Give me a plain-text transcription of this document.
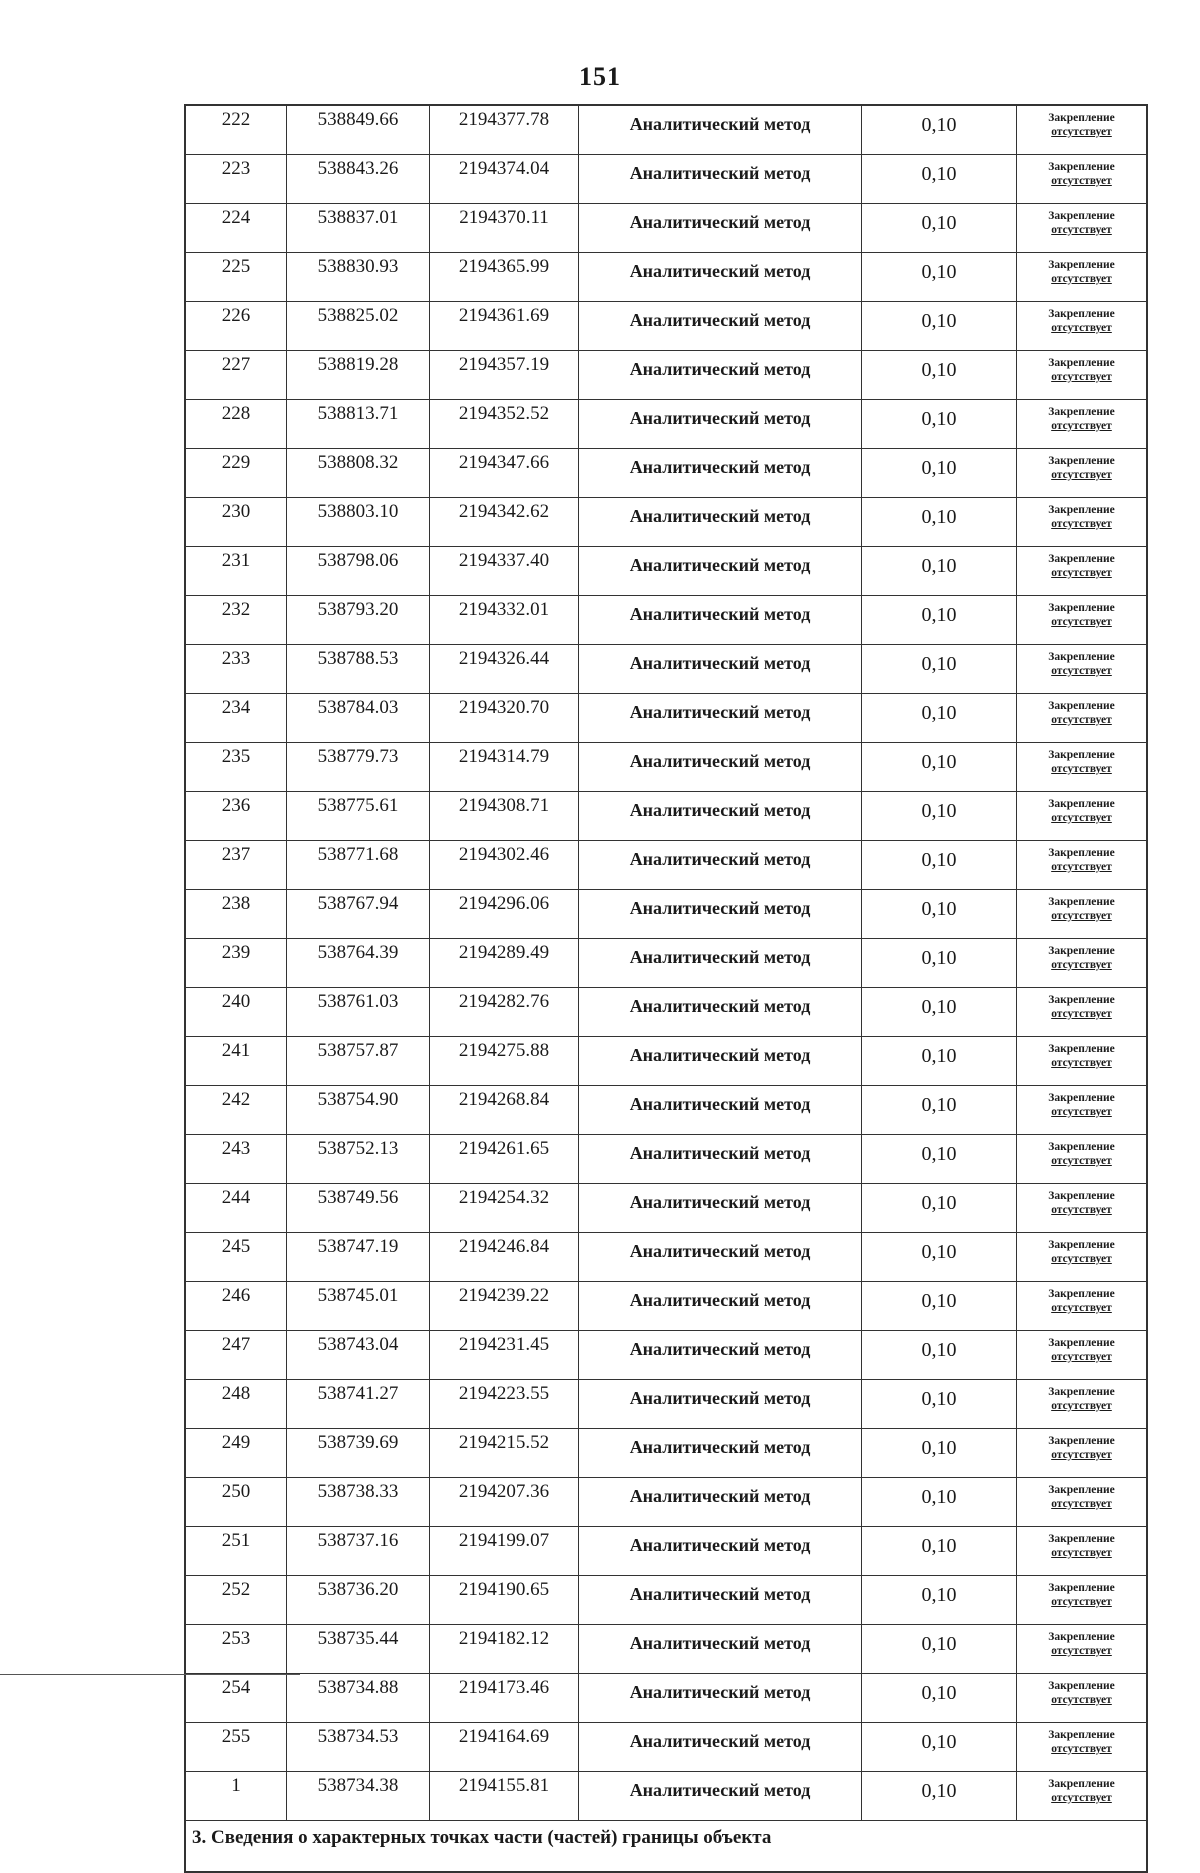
151
222	538849.66	2194377.78	Аналитический метод	0,10	Закрепление
отсутствует

223	538843.26	2194374.04	Аналитический метод	0,10	Закрепление
отсутствует

224	538837.01	2194370.11	Аналитический метод	0,10	Закрепление
отсутствует

225	538830.93	2194365.99	Аналитический метод	0,10	Закрепление
отсутствует

226	538825.02	2194361.69	Аналитический метод	0,10	Закрепление
отсутствует

227	538819.28	2194357.19	Аналитический метод	0,10	Закрепление
отсутствует

228	538813.71	2194352.52	Аналитический метод	0,10	Закрепление
отсутствует

229	538808.32	2194347.66	Аналитический метод	0,10	Закрепление
отсутствует

230	538803.10	2194342.62	Аналитический метод	0,10	Закрепление
отсутствует

231	538798.06	2194337.40	Аналитический метод	0,10	Закрепление
отсутствует

232	538793.20	2194332.01	Аналитический метод	0,10	Закрепление
отсутствует

233	538788.53	2194326.44	Аналитический метод	0,10	Закрепление
отсутствует

234	538784.03	2194320.70	Аналитический метод	0,10	Закрепление
отсутствует

235	538779.73	2194314.79	Аналитический метод	0,10	Закрепление
отсутствует

236	538775.61	2194308.71	Аналитический метод	0,10	Закрепление
отсутствует

237	538771.68	2194302.46	Аналитический метод	0,10	Закрепление
отсутствует

238	538767.94	2194296.06	Аналитический метод	0,10	Закрепление
отсутствует

239	538764.39	2194289.49	Аналитический метод	0,10	Закрепление
отсутствует

240	538761.03	2194282.76	Аналитический метод	0,10	Закрепление
отсутствует

241	538757.87	2194275.88	Аналитический метод	0,10	Закрепление
отсутствует

242	538754.90	2194268.84	Аналитический метод	0,10	Закрепление
отсутствует

243	538752.13	2194261.65	Аналитический метод	0,10	Закрепление
отсутствует

244	538749.56	2194254.32	Аналитический метод	0,10	Закрепление
отсутствует

245	538747.19	2194246.84	Аналитический метод	0,10	Закрепление
отсутствует

246	538745.01	2194239.22	Аналитический метод	0,10	Закрепление
отсутствует

247	538743.04	2194231.45	Аналитический метод	0,10	Закрепление
отсутствует

248	538741.27	2194223.55	Аналитический метод	0,10	Закрепление
отсутствует

249	538739.69	2194215.52	Аналитический метод	0,10	Закрепление
отсутствует

250	538738.33	2194207.36	Аналитический метод	0,10	Закрепление
отсутствует

251	538737.16	2194199.07	Аналитический метод	0,10	Закрепление
отсутствует

252	538736.20	2194190.65	Аналитический метод	0,10	Закрепление
отсутствует

253	538735.44	2194182.12	Аналитический метод	0,10	Закрепление
отсутствует

254	538734.88	2194173.46	Аналитический метод	0,10	Закрепление
отсутствует

255	538734.53	2194164.69	Аналитический метод	0,10	Закрепление
отсутствует

1	538734.38	2194155.81	Аналитический метод	0,10	Закрепление
отсутствует

3. Сведения о характерных точках части (частей) границы объекта					
